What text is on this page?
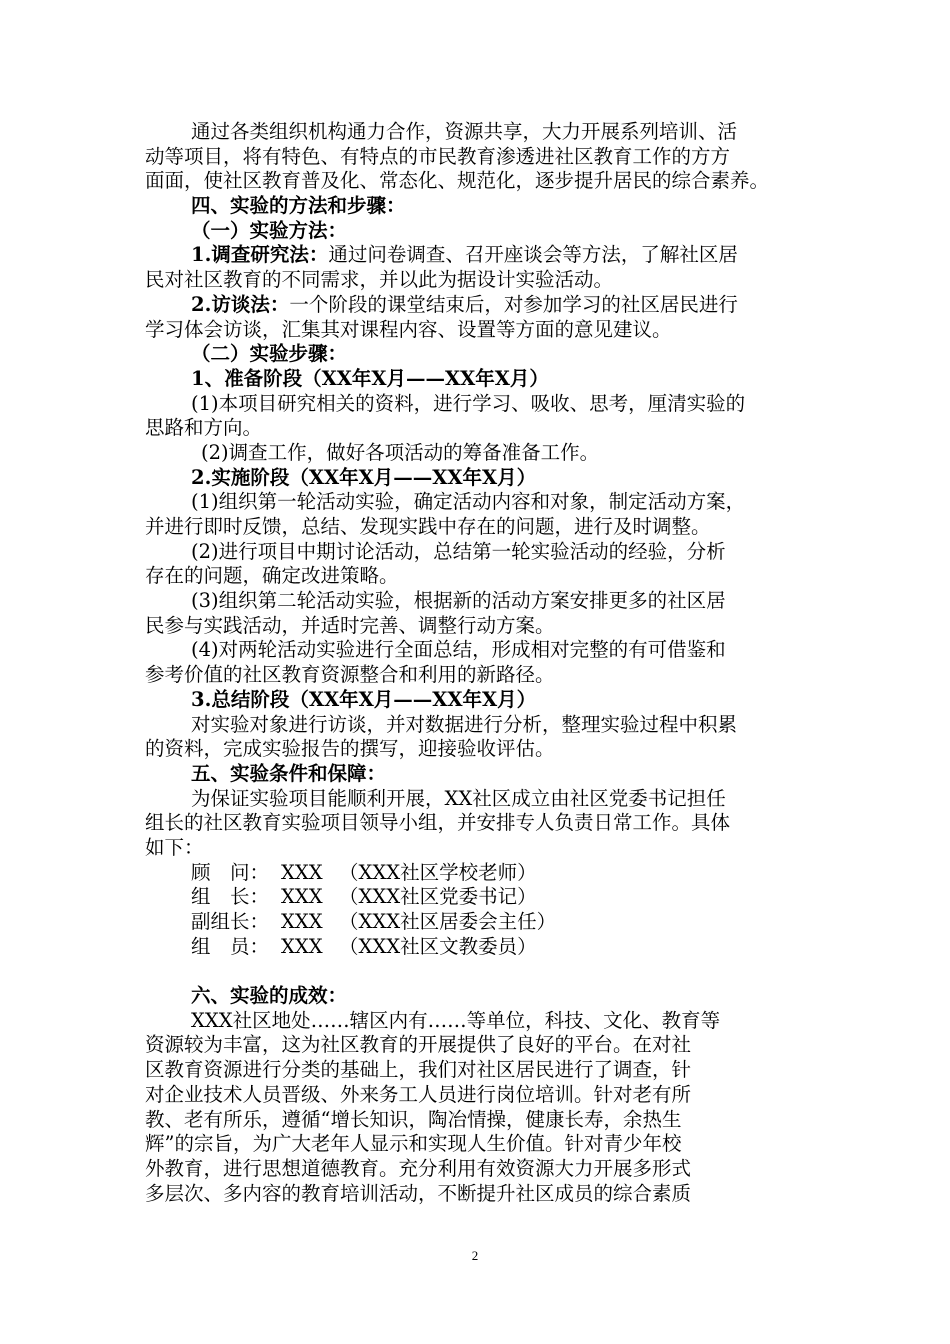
通过各类组织机构通力合作，资源共享，大力开展系列培训、活
动等项目，将有特色、有特点的市民教育渗透进社区教育工作的方方
面面，使社区教育普及化、常态化、规范化，逐步提升居民的综合素养。
四、实验的方法和步骤：
（一）实验方法：
1.调查研究法：通过问卷调查、召开座谈会等方法，了解社区居
民对社区教育的不同需求，并以此为据设计实验活动。
2.访谈法：一个阶段的课堂结束后，对参加学习的社区居民进行
学习体会访谈，汇集其对课程内容、设置等方面的意见建议。
（二）实验步骤：
1、准备阶段（XX年X月——XX年X月）
(1)本项目研究相关的资料，进行学习、吸收、思考，厘清实验的
思路和方向。
(2)调查工作，做好各项活动的筹备准备工作。
2.实施阶段（XX年X月——XX年X月）
(1)组织第一轮活动实验，确定活动内容和对象，制定活动方案，
并进行即时反馈，总结、发现实践中存在的问题，进行及时调整。
(2)进行项目中期讨论活动，总结第一轮实验活动的经验，分析
存在的问题，确定改进策略。
(3)组织第二轮活动实验，根据新的活动方案安排更多的社区居
民参与实践活动，并适时完善、调整行动方案。
(4)对两轮活动实验进行全面总结，形成相对完整的有可借鉴和
参考价值的社区教育资源整合和利用的新路径。
3.总结阶段（XX年X月——XX年X月）
对实验对象进行访谈，并对数据进行分析，整理实验过程中积累
的资料，完成实验报告的撰写，迎接验收评估。
五、实验条件和保障：
为保证实验项目能顺利开展，XX社区成立由社区党委书记担任
组长的社区教育实验项目领导小组，并安排专人负责日常工作。具体
如下：
顾　问： XXX （XXX社区学校老师）
组　长： XXX （XXX社区党委书记）
副组长： XXX （XXX社区居委会主任）
组　员： XXX （XXX社区文教委员）
六、实验的成效：
XXX社区地处……辖区内有……等单位，科技、文化、教育等
资源较为丰富，这为社区教育的开展提供了良好的平台。在对社
区教育资源进行分类的基础上，我们对社区居民进行了调查，针
对企业技术人员晋级、外来务工人员进行岗位培训。针对老有所
教、老有所乐，遵循“增长知识，陶冶情操，健康长寿，余热生
辉”的宗旨，为广大老年人显示和实现人生价值。针对青少年校
外教育，进行思想道德教育。充分利用有效资源大力开展多形式
多层次、多内容的教育培训活动，不断提升社区成员的综合素质
2
